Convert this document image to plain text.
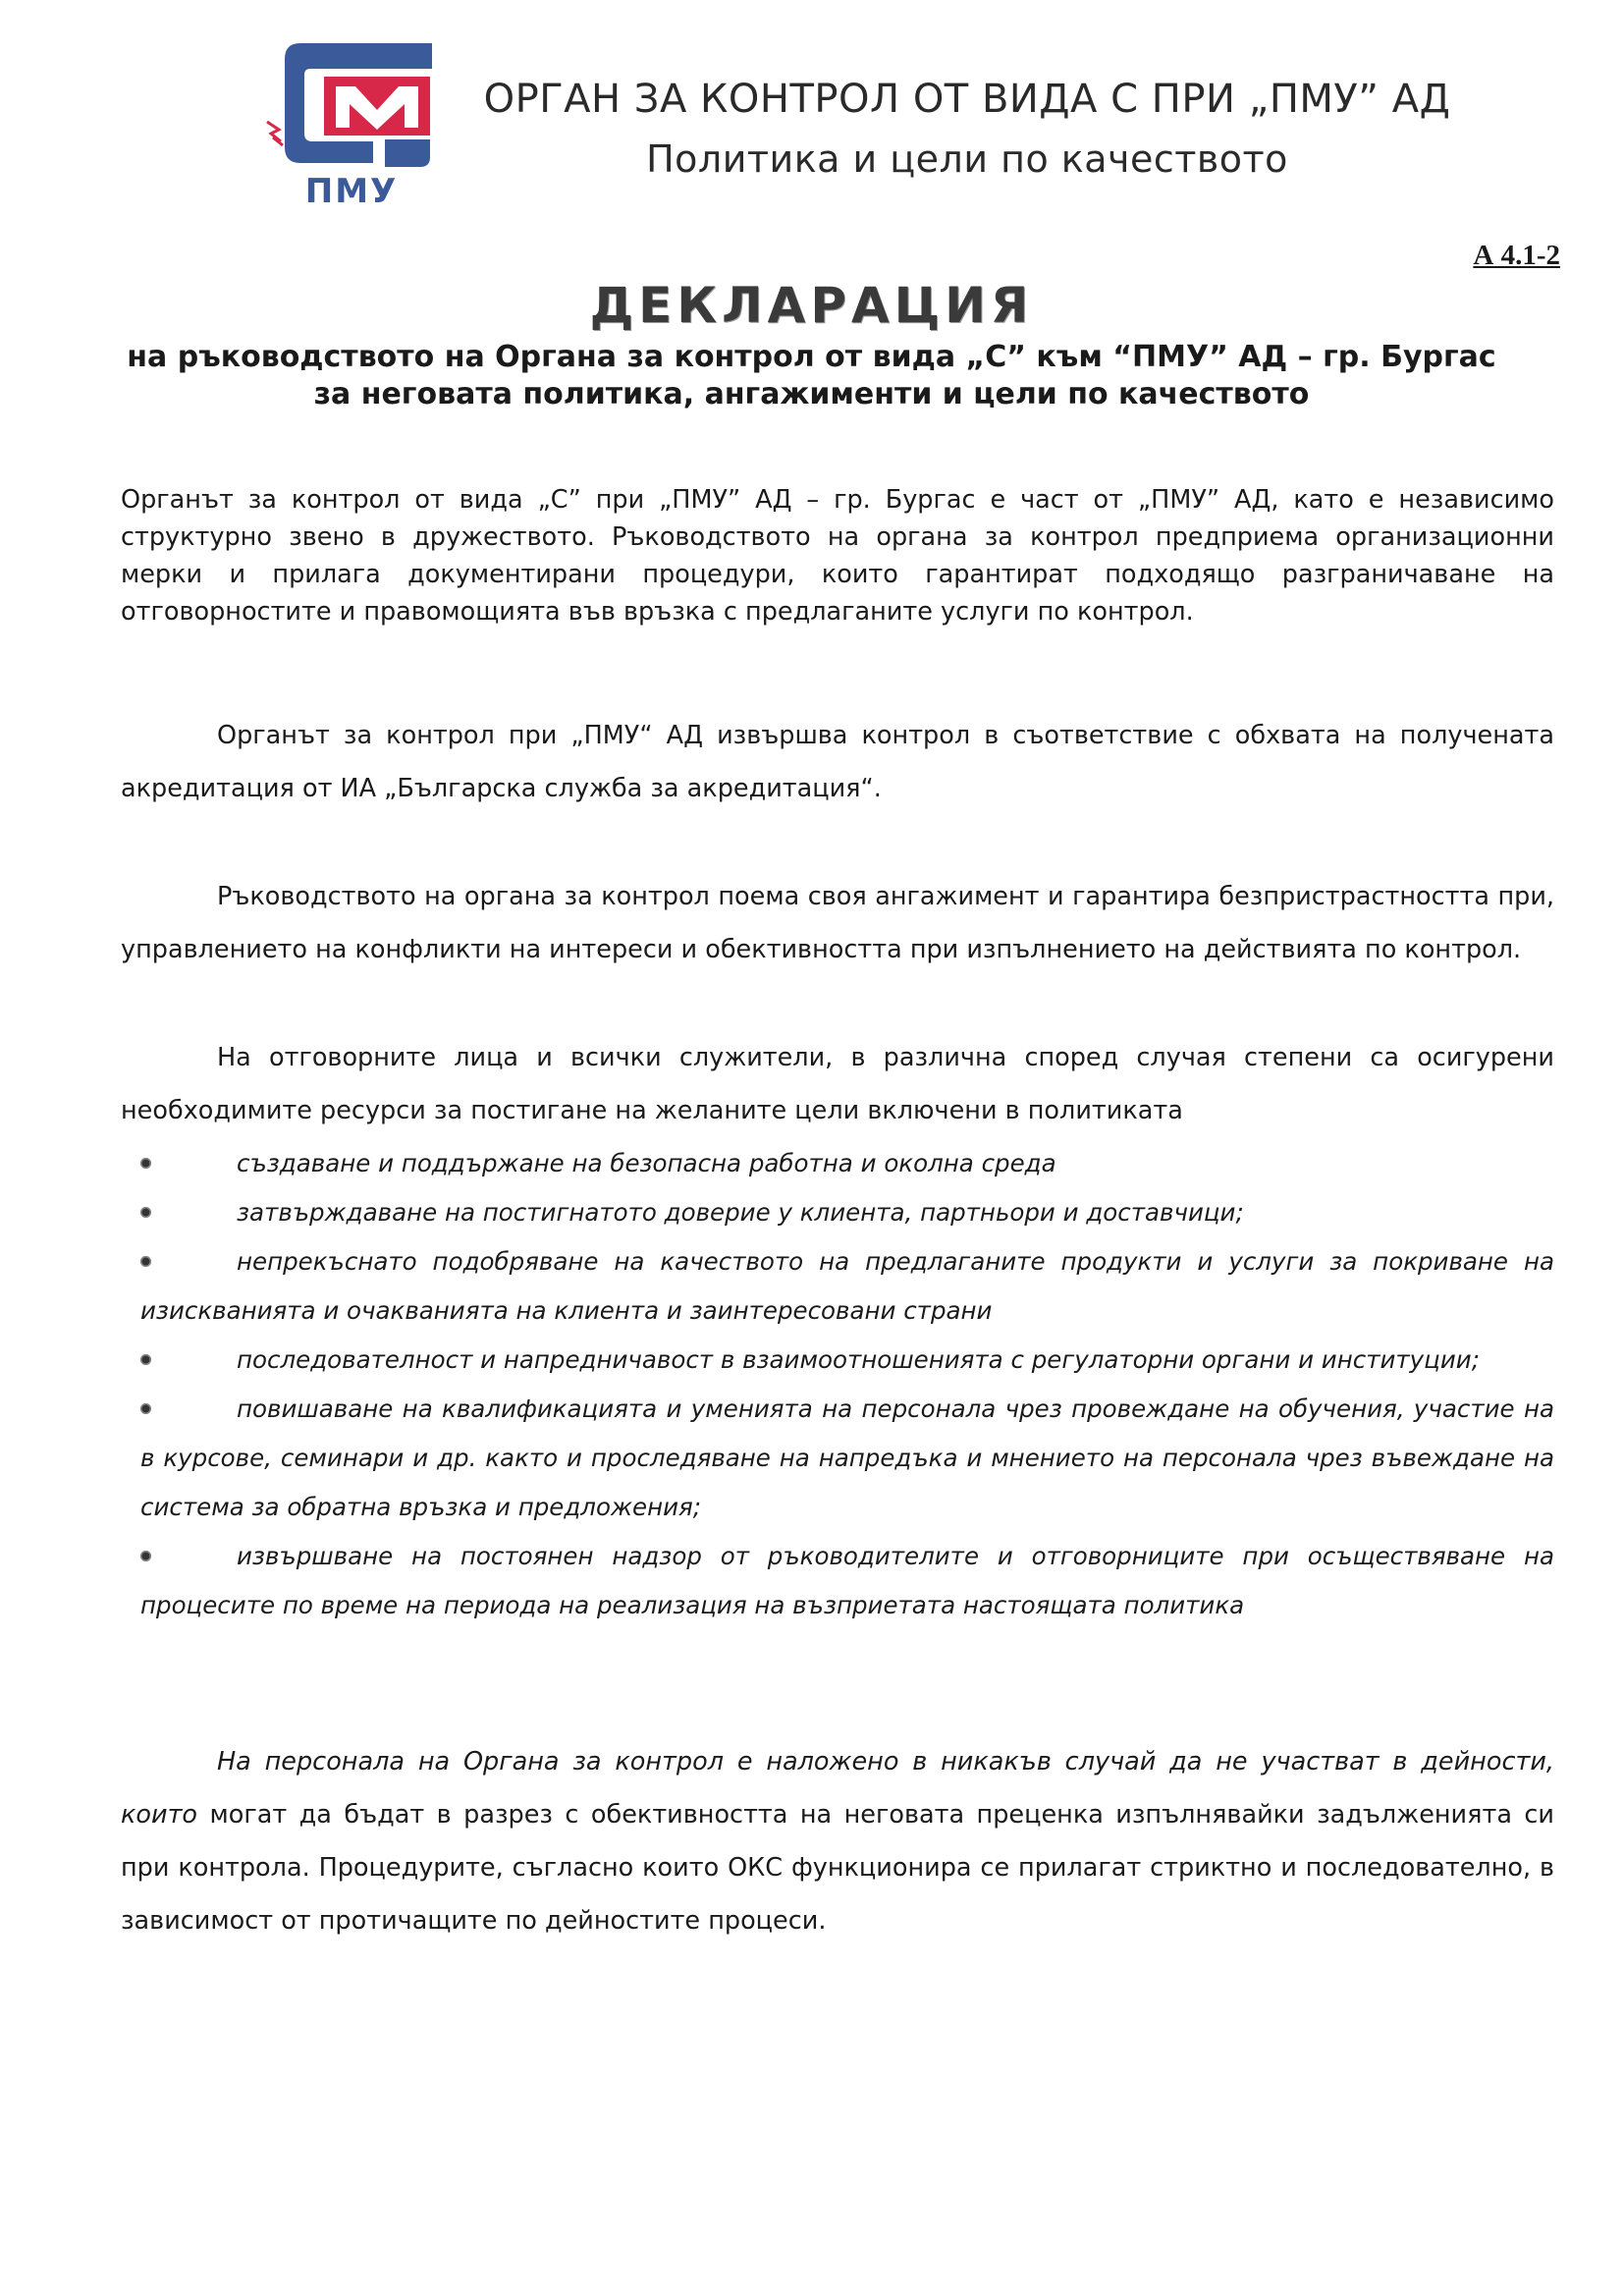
ПМУ
ОРГАН ЗА КОНТРОЛ ОТ ВИДА С ПРИ „ПМУ” АД
Политика и цели по качеството
А 4.1-2
ДЕКЛАРАЦИЯ
на ръководството на Органа за контрол от вида „С” към “ПМУ” АД – гр. Бургас
за неговата политика, ангажименти и цели по качеството
Органът за контрол от вида „С” при „ПМУ” АД – гр. Бургас е част от „ПМУ” АД, като е независимо структурно звено в дружеството. Ръководството на органа за контрол предприема организационни мерки и прилага документирани процедури, които гарантират подходящо разграничаване на отговорностите и правомощията във връзка с предлаганите услуги по контрол.
Органът за контрол при „ПМУ“ АД извършва контрол в съответствие с обхвата на получената акредитация от ИА „Българска служба за акредитация“.
Ръководството на органа за контрол поема своя ангажимент и гарантира безпристрастността при, управлението на конфликти на интереси и обективността при изпълнението на действията по контрол.
На отговорните лица и всички служители, в различна според случая степени са осигурени необходимите ресурси за постигане на желаните цели включени в политиката
създаване и поддържане на безопасна работна и околна среда
затвърждаване на постигнатото доверие у клиента, партньори и доставчици;
непрекъснато подобряване на качеството на предлаганите продукти и услуги за покриване на изискванията и очакванията на клиента и заинтересовани страни
последователност и напредничавост в взаимоотношенията с регулаторни органи и институции;
повишаване на квалификацията и уменията на персонала чрез провеждане на обучения, участие на в курсове, семинари и др. както и проследяване на напредъка и мнението на персонала чрез въвеждане на система за обратна връзка и предложения;
извършване на постоянен надзор от ръководителите и отговорниците при осъществяване на процесите по време на периода на реализация на възприетата настоящата политика
На персонала на Органа за контрол е наложено в никакъв случай да не участват в дейности, които могат да бъдат в разрез с обективността на неговата преценка изпълнявайки задълженията си при контрола. Процедурите, съгласно които ОКС функционира се прилагат стриктно и последователно, в зависимост от протичащите по дейностите процеси.
